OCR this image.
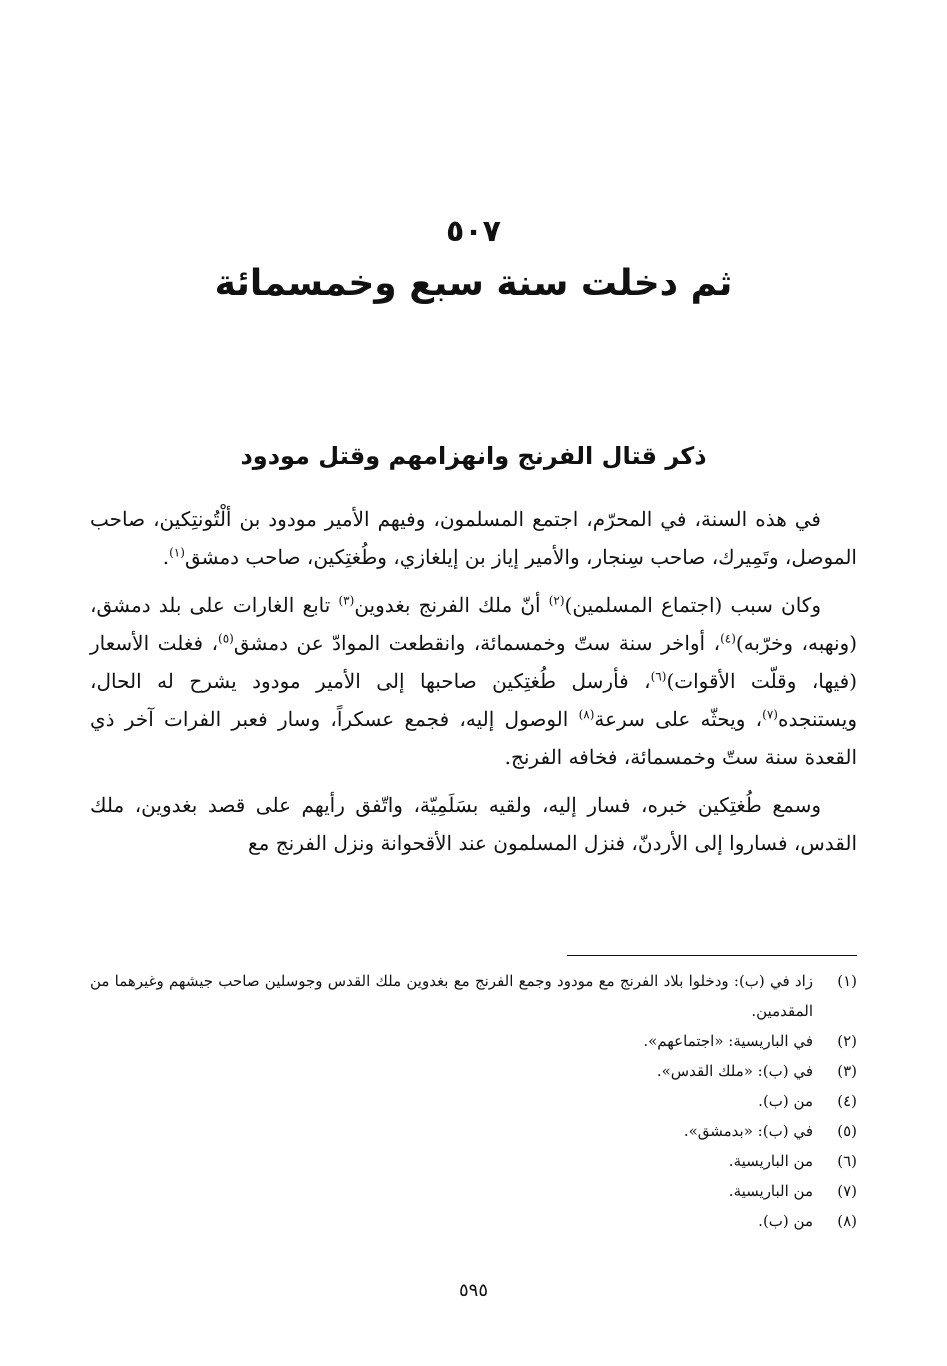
٥٠٧
ثم دخلت سنة سبع وخمسمائة
ذكر قتال الفرنج وانهزامهم وقتل مودود

في هذه السنة، في المحرّم، اجتمع المسلمون، وفيهم الأمير مودود بن ألْتُونتِكين، صاحب الموصل، وتَمِيرك، صاحب سِنجار، والأمير إياز بن إيلغازي، وطُغتِكين، صاحب دمشق$^{(١)}$.

وكان سبب (اجتماع المسلمين)$^{(٢)}$ أنّ ملك الفرنج بغدوين$^{(٣)}$ تابع الغارات على بلد دمشق، (ونهبه، وخرّبه)$^{(٤)}$، أواخر سنة ستّ وخمسمائة، وانقطعت الموادّ عن دمشق$^{(٥)}$، فغلت الأسعار (فيها، وقلّت الأقوات)$^{(٦)}$، فأرسل طُغتِكين صاحبها إلى الأمير مودود يشرح له الحال، ويستنجده$^{(٧)}$، ويحثّه على سرعة$^{(٨)}$ الوصول إليه، فجمع عسكراً، وسار فعبر الفرات آخر ذي القعدة سنة ستّ وخمسمائة، فخافه الفرنج.

وسمع طُغتِكين خبره، فسار إليه، ولقيه بسَلَمِيّة، واتّفق رأيهم على قصد بغدوين، ملك القدس، فساروا إلى الأردنّ، فنزل المسلمون عند الأقحوانة ونزل الفرنج مع

(١)
زاد في (ب): ودخلوا بلاد الفرنج مع مودود وجمع الفرنج مع بغدوين ملك القدس وجوسلين صاحب جيشهم وغيرهما من المقدمين.
(٢)
في الباريسية: «اجتماعهم».
(٣)
في (ب): «ملك القدس».
(٤)
من (ب).
(٥)
في (ب): «بدمشق».
(٦)
من الباريسية.
(٧)
من الباريسية.
(٨)
من (ب).
٥٩٥
